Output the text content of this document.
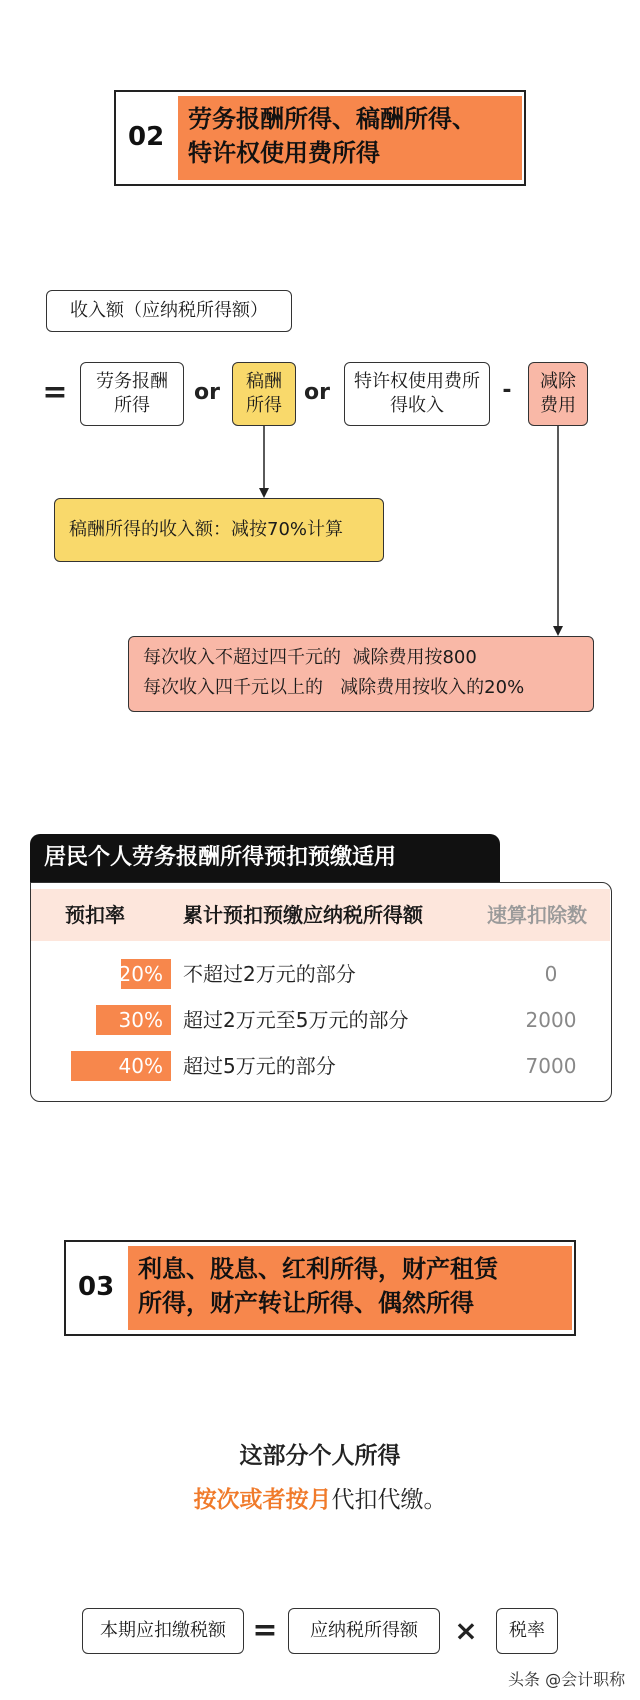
02
劳务报酬所得、稿酬所得、
特许权使用费所得
收入额（应纳税所得额）
= 劳务报酬所得
or 稿酬所得
or 特许权使用费所得收入
-	减除费用
稿酬所得的收入额：减按70%计算
每次收入不超过四千元的  减除费用按800
每次收入四千元以上的   减除费用按收入的20%
居民个人劳务报酬所得预扣预缴适用
预扣率	累计预扣预缴应纳税所得额	速算扣除数
20% 不超过2万元的部分	0
30% 超过2万元至5万元的部分	2000
40% 超过5万元的部分	7000
03
利息、股息、红利所得，财产租赁
所得，财产转让所得、偶然所得
这部分个人所得
按次或者按月代扣代缴。
本期应扣缴税额 =	应纳税所得额	×	税率
头条 @会计职称
